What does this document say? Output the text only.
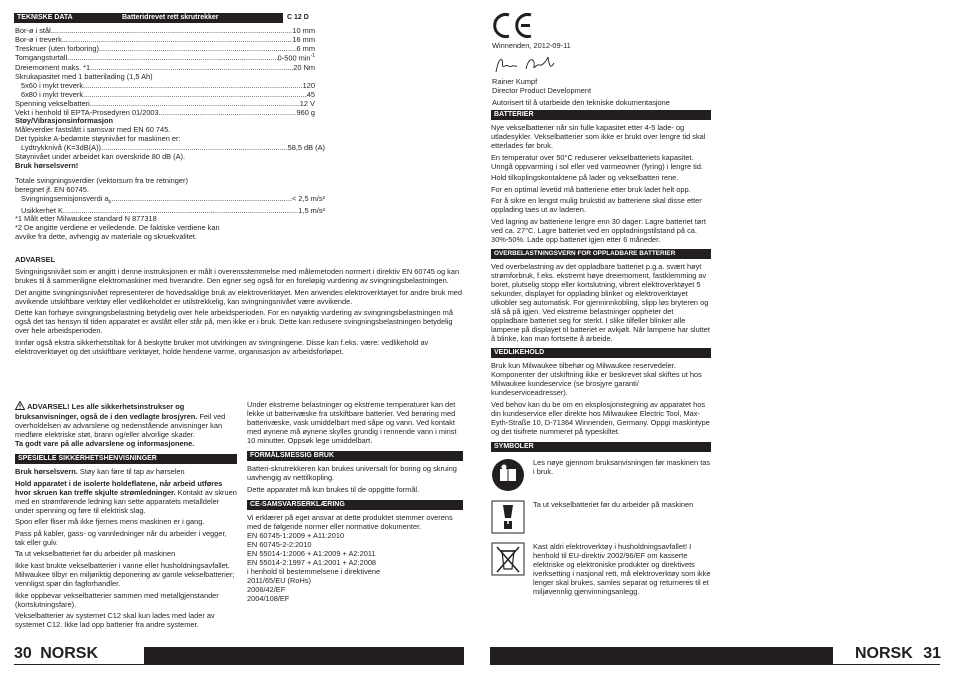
TEKNISKE DATA	Batteridrevet rett skrutrekker	C 12 D
Bor-ø i stål .....	10 mm
Bor-ø i treverk .....	16 mm
Treskruer (uten forboring) .....	6 mm
Tomgangsturtall .....	0-500 $\min^{-1}$
Dreiemoment maks. *1 .....	20 Nm
Skrukapasitet med 1 batterilading (1,5 Ah)
5x60 i mykt treverk .....	120
6x80 i mykt treverk .....	45
Spenning vekselbatteri .....	12 V
Vekt i henhold til EPTA-Prosedyren 01/2003 .....	960 g
Støy/Vibrasjonsinformasjon
Måleverdier fastslått i samsvar med EN 60 745.
Det typiske A-bedømte støynivået for maskinen er:
Lydtrykknivå (K=3dB(A)) .....	58,5 dB (A)
Støynivået under arbeidet kan overskride 80 dB (A).
Bruk hørselsvern!
Totale svingningsverdier (vektorsum fra tre retninger)
beregnet jf. EN 60745.
Svingningsemisjonsverdi $a_h$ .....	< 2,5 m/s²
Usikkerhet K .....	1,5 m/s²
*1 Målt etter Milwaukee standard N 877318
*2 De angitte verdiene er veiledende. De faktiske verdiene kan avvike fra dette, avhengig av materiale og skruekvalitet.
ADVARSEL

Svingningsnivået som er angitt i denne instruksjonen er målt i overensstemmelse med målemetoden normert i direktiv EN 60745 og kan brukes til å sammenligne elektromaskiner med hverandre. Den egner seg også for en foreløpig vurdering av svingningsbelastningen.

Det angitte svingningsnivået representerer de hovedsaklige bruk av elektroverktøyet. Men anvendes elektroverktøyet for andre bruk med avvikende utskiftbare verktøy eller vedlikeholdet er utilstrekkelig, kan svingningsnivået være avvikende.

Dette kan forhøye svingningsbelastning betydelig over hele arbeidsperioden. For en nøyaktig vurdering av svingningsbelastningen må også det tas hensyn til tiden apparatet er avslått eller står på, men ikke er i bruk. Dette kan redusere svingningsbelastningen betydelig over hele arbeidsperioden.

Innfør også ekstra sikkerhetstiltak for å beskytte bruker mot utvirkingen av svingningene. Disse kan f.eks. være: vedlikehold av elektroverktøyet og det utskiftbare verktøyet, holde hendene varme, organisasjon av arbeidsforløpet.

ADVARSEL! Les alle sikkerhetsinstrukser og bruksanvisninger, også de i den vedlagte brosjyren. Feil ved overholdelsen av advarslene og nedenstående anvisninger kan medføre elektriske støt, brann og/eller alvorlige skader.
Ta godt vare på alle advarslene og informasjonene.

SPESIELLE SIKKERHETSHENVISNINGER

Bruk hørselsvern. Støy kan føre til tap av hørselen

Hold apparatet i de isolerte holdeflatene, når arbeid utføres hvor skruen kan treffe skjulte strømledninger. Kontakt av skruen med en strømførende ledning kan sette apparatets metalldeler under spenning og føre til elektrisk slag.

Spon eller fliser må ikke fjernes mens maskinen er i gang.

Pass på kabler, gass- og vannledninger når du arbeider i vegger, tak eller gulv.

Ta ut vekselbatteriet før du arbeider på maskinen

Ikke kast brukte vekselbatterier i vanne eller husholdningsavfallet. Milwaukee tilbyr en miljøriktig deponering av gamle vekselbatterier; vennligst spør din fagforhandler.

Ikke oppbevar vekselbatterier sammen med metallgjenstander (kortslutningsfare).

Vekselbatterier av systemet C12 skal kun lades med lader av systemet C12. Ikke lad opp batterier fra andre systemer.

Under ekstreme belastninger og ekstreme temperaturer kan det lekke ut batterivæske fra utskiftbare batterier. Ved berøring med batterivæske, vask umiddelbart med såpe og vann. Ved kontakt med øynene må øynene skylles grundig i rennende vann i minst 10 minutter. Oppsøk lege umiddelbart.

FORMÅLSMESSIG BRUK

Batteri-skrutrekkeren kan brukes universalt for boring og skruing uavhengig av nettilkopling.

Dette apparatet må kun brukes til de oppgitte formål.

CE-SAMSVARSERKLÆRING
Vi erklærer på eget ansvar at dette produktet stemmer overens med de følgende normer eller normative dokumenter.
EN 60745-1:2009 + A11:2010
EN 60745-2-2:2010
EN 55014-1:2006 + A1:2009 + A2:2011
EN 55014-2:1997 + A1:2001 + A2:2008
i henhold til bestemmelsene i direktivene
2011/65/EU (RoHs)
2006/42/EF
2004/108/EF
30 NORSK
Winnenden, 2012-09-11
Rainer Kumpf
Director Product Development
Autorisert til å utarbeide den tekniske dokumentasjone
BATTERIER

Nye vekselbatterier når sin fulle kapasitet etter 4-5 lade- og utladesykler. Vekselbatterier som ikke er brukt over lengre tid skal etterlades før bruk.

En temperatur over 50°C reduserer vekselbatteriets kapasitet. Unngå oppvarming i sol eller ved varmeovner (fyring) i lengre tid.

Hold tilkoplingskontaktene på lader og vekselbatteri rene.

For en optimal levetid må batteriene etter bruk ladet helt opp.

For å sikre en lengst mulig brukstid av batteriene skal disse etter opplading taes ut av laderen.

Ved lagring av batteriene lengre enn 30 dager: Lagre batteriet tørt ved ca. 27°C. Lagre batteriet ved en oppladningstilstand på ca. 30%-50%. Lade opp batteriet igjen etter 6 måneder.

OVERBELASTNINGSVERN FOR OPPLADBARE BATTERIER

Ved overbelastning av det oppladbare batteriet p.g.a. svært høyt strømforbruk, f.eks. ekstremt høye dreiemoment, fastklemming av boret, plutselig stopp eller kortslutning, vibrert elektroverktøyet 5 sekunder, displayet for opplading blinker og elektroverktøyet utkobler seg automatisk. For gjenninnkobling, slipp løs bryteren og slå så på igjen. Ved ekstreme belastninger oppheter det oppladbare batteriet seg for sterkt. I slike tilfeller blinker alle lampene på displayet til batteriet er avkjølt. Når lampene har sluttet å blinke, kan man fortsette å arbeide.

VEDLIKEHOLD

Bruk kun Milwaukee tilbehør og Milwaukee reservedeler. Komponenter der utskiftning ikke er beskrevet skal skiftes ut hos Milwaukee kundeservice (se brosjyre garanti/ kundeserviceadresser).

Ved behov kan du be om en eksplosjonstegning av apparatet hos din kundeservice eller direkte hos Milwaukee Electric Tool, Max-Eyth-Straße 10, D-71364 Winnenden, Germany. Oppgi maskintype og det tisifrete nummeret på typeskiltet.

SYMBOLER
Les nøye gjennom bruksanvisningen før maskinen tas i bruk.
Ta ut vekselbatteriet før du arbeider på maskinen
Kast aldri elektroverktøy i husholdningsavfallet! I henhold til EU-direktiv 2002/96/EF om kasserte elektriske og elektroniske produkter og direktivets iverksetting i nasjonal rett, må elektroverktøy som ikke lenger skal brukes, samles separat og returneres til et miljøvennlig gjenvinningsanlegg.
NORSK 31
